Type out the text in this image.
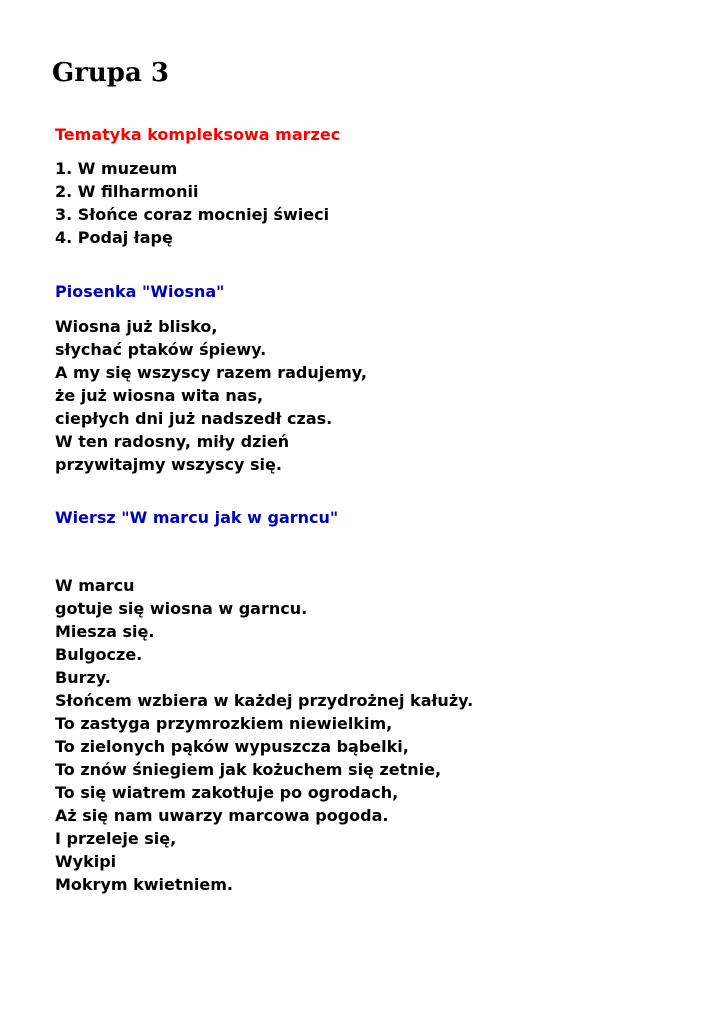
Grupa 3
Tematyka kompleksowa marzec
1. W muzeum
2. W filharmonii
3. Słońce coraz mocniej świeci
4. Podaj łapę
Piosenka "Wiosna"
Wiosna już blisko,
słychać ptaków śpiewy.
A my się wszyscy razem radujemy,
że już wiosna wita nas,
ciepłych dni już nadszedł czas.
W ten radosny, miły dzień
przywitajmy wszyscy się.
Wiersz "W marcu jak w garncu"
W marcu
gotuje się wiosna w garncu.
Miesza się.
Bulgocze.
Burzy.
Słońcem wzbiera w każdej przydrożnej kałuży.
To zastyga przymrozkiem niewielkim,
To zielonych pąków wypuszcza bąbelki,
To znów śniegiem jak kożuchem się zetnie,
To się wiatrem zakotłuje po ogrodach,
Aż się nam uwarzy marcowa pogoda.
I przeleje się,
Wykipi
Mokrym kwietniem.
